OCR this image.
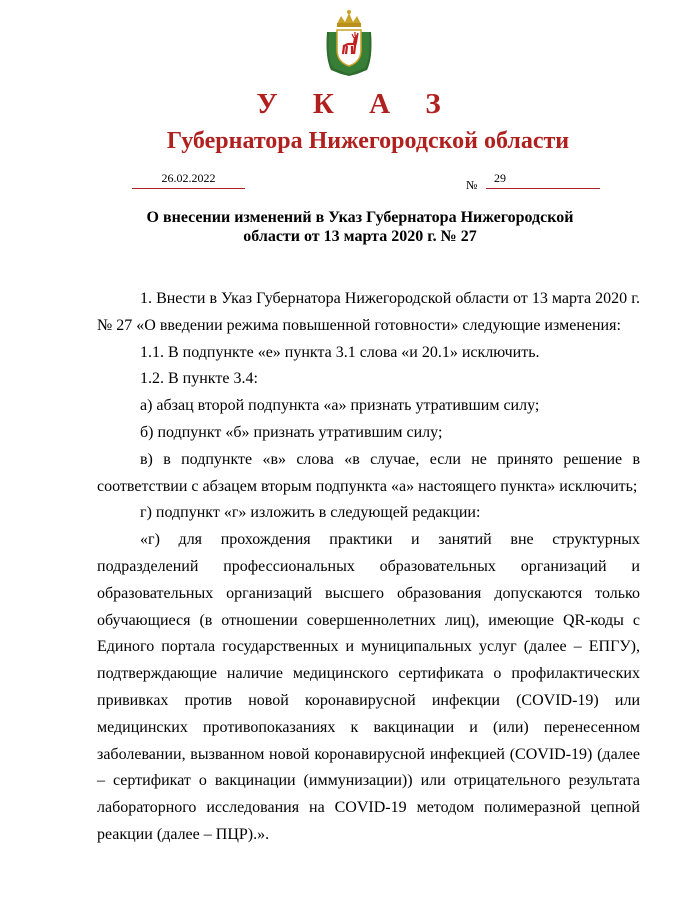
У К А З
Губернатора Нижегородской области
26.02.2022	№	29
О внесении изменений в Указ Губернатора Нижегородской
области от 13 марта 2020 г. № 27

1. Внести в Указ Губернатора Нижегородской области от 13 марта 2020 г. № 27 «О введении режима повышенной готовности» следующие изменения:

1.1. В подпункте «е» пункта 3.1 слова «и 20.1» исключить.

1.2. В пункте 3.4:

а) абзац второй подпункта «а» признать утратившим силу;

б) подпункт «б» признать утратившим силу;

в) в подпункте «в» слова «в случае, если не принято решение в соответствии с абзацем вторым подпункта «а» настоящего пункта» исключить;

г) подпункт «г» изложить в следующей редакции:

«г) для прохождения практики и занятий вне структурных подразделений профессиональных образовательных организаций и образовательных организаций высшего образования допускаются только обучающиеся (в отношении совершеннолетних лиц), имеющие QR-коды с Единого портала государственных и муниципальных услуг (далее – ЕПГУ), подтверждающие наличие медицинского сертификата о профилактических прививках против новой коронавирусной инфекции (COVID-19) или медицинских противопоказаниях к вакцинации и (или) перенесенном заболевании, вызванном новой коронавирусной инфекцией (COVID-19) (далее – сертификат о вакцинации (иммунизации)) или отрицательного результата лабораторного исследования на COVID-19 методом полимеразной цепной реакции (далее – ПЦР).».
